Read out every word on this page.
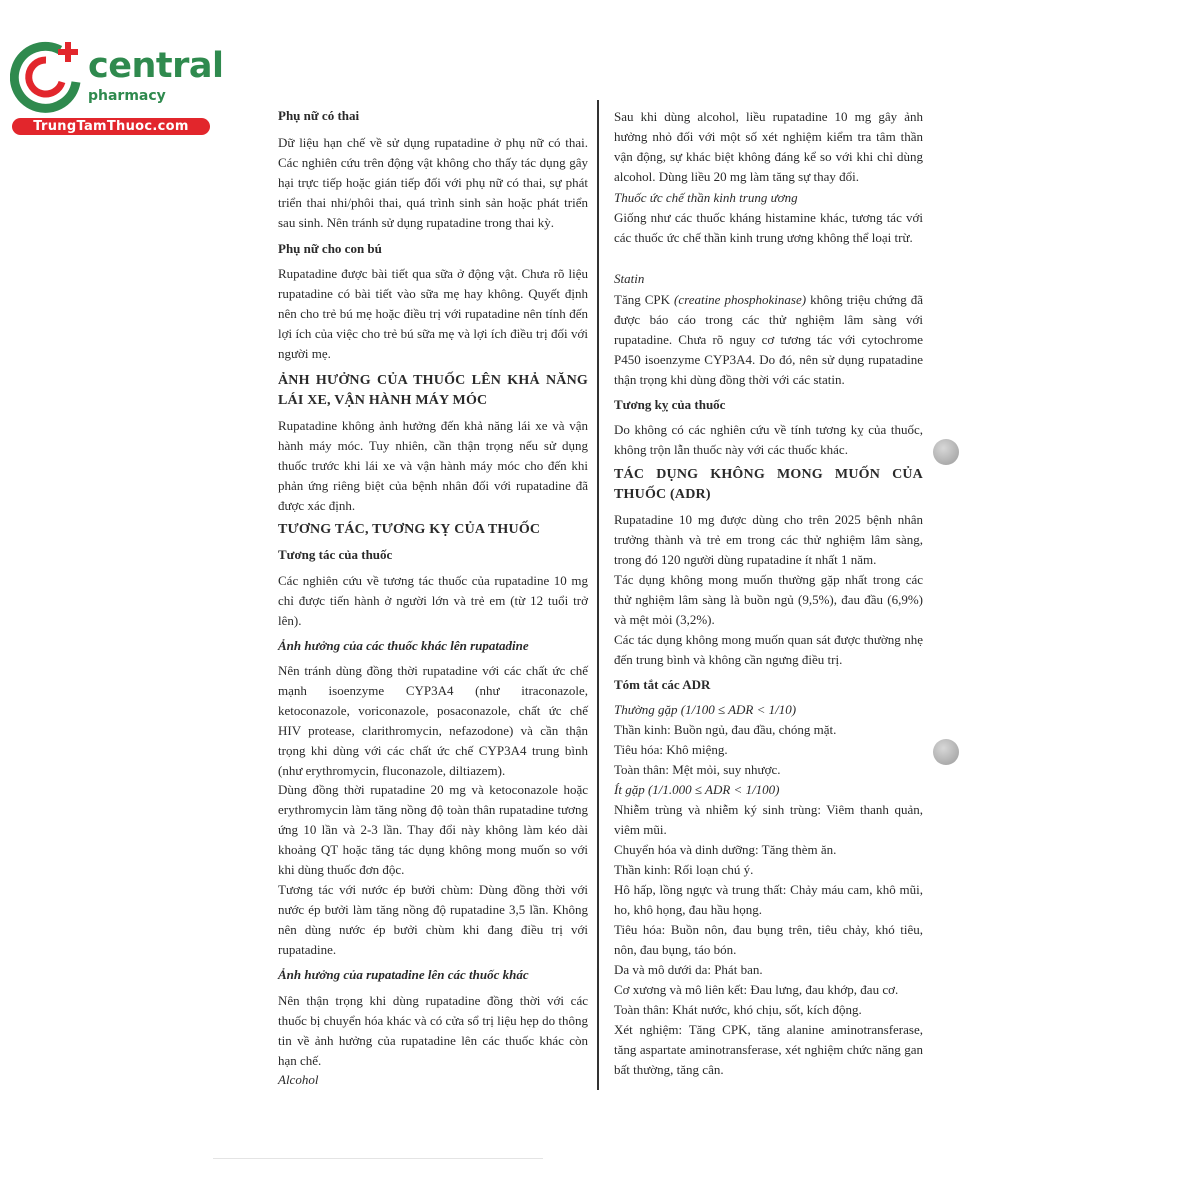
central
pharmacy
TrungTamThuoc.com
Phụ nữ có thai
Dữ liệu hạn chế về sử dụng rupatadine ở phụ nữ có thai. Các nghiên cứu trên động vật không cho thấy tác dụng gây hại trực tiếp hoặc gián tiếp đối với phụ nữ có thai, sự phát triển thai nhi/phôi thai, quá trình sinh sản hoặc phát triển sau sinh. Nên tránh sử dụng rupatadine trong thai kỳ.
Phụ nữ cho con bú
Rupatadine được bài tiết qua sữa ở động vật. Chưa rõ liệu rupatadine có bài tiết vào sữa mẹ hay không. Quyết định nên cho trẻ bú mẹ hoặc điều trị với rupatadine nên tính đến lợi ích của việc cho trẻ bú sữa mẹ và lợi ích điều trị đối với người mẹ.
ẢNH HƯỞNG CỦA THUỐC LÊN KHẢ NĂNG LÁI XE, VẬN HÀNH MÁY MÓC
Rupatadine không ảnh hưởng đến khả năng lái xe và vận hành máy móc. Tuy nhiên, cần thận trọng nếu sử dụng thuốc trước khi lái xe và vận hành máy móc cho đến khi phản ứng riêng biệt của bệnh nhân đối với rupatadine đã được xác định.
TƯƠNG TÁC, TƯƠNG KỴ CỦA THUỐC
Tương tác của thuốc
Các nghiên cứu về tương tác thuốc của rupatadine 10 mg chỉ được tiến hành ở người lớn và trẻ em (từ 12 tuổi trở lên).
Ảnh hưởng của các thuốc khác lên rupatadine
Nên tránh dùng đồng thời rupatadine với các chất ức chế mạnh isoenzyme CYP3A4 (như itraconazole, ketoconazole, voriconazole, posaconazole, chất ức chế HIV protease, clarithromycin, nefazodone) và cần thận trọng khi dùng với các chất ức chế CYP3A4 trung bình (như erythromycin, fluconazole, diltiazem).
Dùng đồng thời rupatadine 20 mg và ketoconazole hoặc erythromycin làm tăng nồng độ toàn thân rupatadine tương ứng 10 lần và 2-3 lần. Thay đổi này không làm kéo dài khoảng QT hoặc tăng tác dụng không mong muốn so với khi dùng thuốc đơn độc.
Tương tác với nước ép bưởi chùm: Dùng đồng thời với nước ép bưởi làm tăng nồng độ rupatadine 3,5 lần. Không nên dùng nước ép bưởi chùm khi đang điều trị với rupatadine.
Ảnh hưởng của rupatadine lên các thuốc khác
Nên thận trọng khi dùng rupatadine đồng thời với các thuốc bị chuyển hóa khác và có cửa sổ trị liệu hẹp do thông tin về ảnh hưởng của rupatadine lên các thuốc khác còn hạn chế.
Alcohol
Sau khi dùng alcohol, liều rupatadine 10 mg gây ảnh hưởng nhỏ đối với một số xét nghiệm kiểm tra tâm thần vận động, sự khác biệt không đáng kể so với khi chỉ dùng alcohol. Dùng liều 20 mg làm tăng sự thay đổi.
Thuốc ức chế thần kinh trung ương
Giống như các thuốc kháng histamine khác, tương tác với các thuốc ức chế thần kinh trung ương không thể loại trừ.
Statin
Tăng CPK (creatine phosphokinase) không triệu chứng đã được báo cáo trong các thử nghiệm lâm sàng với rupatadine. Chưa rõ nguy cơ tương tác với cytochrome P450 isoenzyme CYP3A4. Do đó, nên sử dụng rupatadine thận trọng khi dùng đồng thời với các statin.
Tương kỵ của thuốc
Do không có các nghiên cứu về tính tương kỵ của thuốc, không trộn lẫn thuốc này với các thuốc khác.
TÁC DỤNG KHÔNG MONG MUỐN CỦA THUỐC (ADR)
Rupatadine 10 mg được dùng cho trên 2025 bệnh nhân trưởng thành và trẻ em trong các thử nghiệm lâm sàng, trong đó 120 người dùng rupatadine ít nhất 1 năm.
Tác dụng không mong muốn thường gặp nhất trong các thử nghiệm lâm sàng là buồn ngủ (9,5%), đau đầu (6,9%) và mệt mỏi (3,2%).
Các tác dụng không mong muốn quan sát được thường nhẹ đến trung bình và không cần ngưng điều trị.
Tóm tắt các ADR
Thường gặp (1/100 ≤ ADR < 1/10)
Thần kinh: Buồn ngủ, đau đầu, chóng mặt.
Tiêu hóa: Khô miệng.
Toàn thân: Mệt mỏi, suy nhược.
Ít gặp (1/1.000 ≤ ADR < 1/100)
Nhiễm trùng và nhiễm ký sinh trùng: Viêm thanh quản, viêm mũi.
Chuyển hóa và dinh dưỡng: Tăng thèm ăn.
Thần kinh: Rối loạn chú ý.
Hô hấp, lồng ngực và trung thất: Chảy máu cam, khô mũi, ho, khô họng, đau hầu họng.
Tiêu hóa: Buồn nôn, đau bụng trên, tiêu chảy, khó tiêu, nôn, đau bụng, táo bón.
Da và mô dưới da: Phát ban.
Cơ xương và mô liên kết: Đau lưng, đau khớp, đau cơ.
Toàn thân: Khát nước, khó chịu, sốt, kích động.
Xét nghiệm: Tăng CPK, tăng alanine aminotransferase, tăng aspartate aminotransferase, xét nghiệm chức năng gan bất thường, tăng cân.
